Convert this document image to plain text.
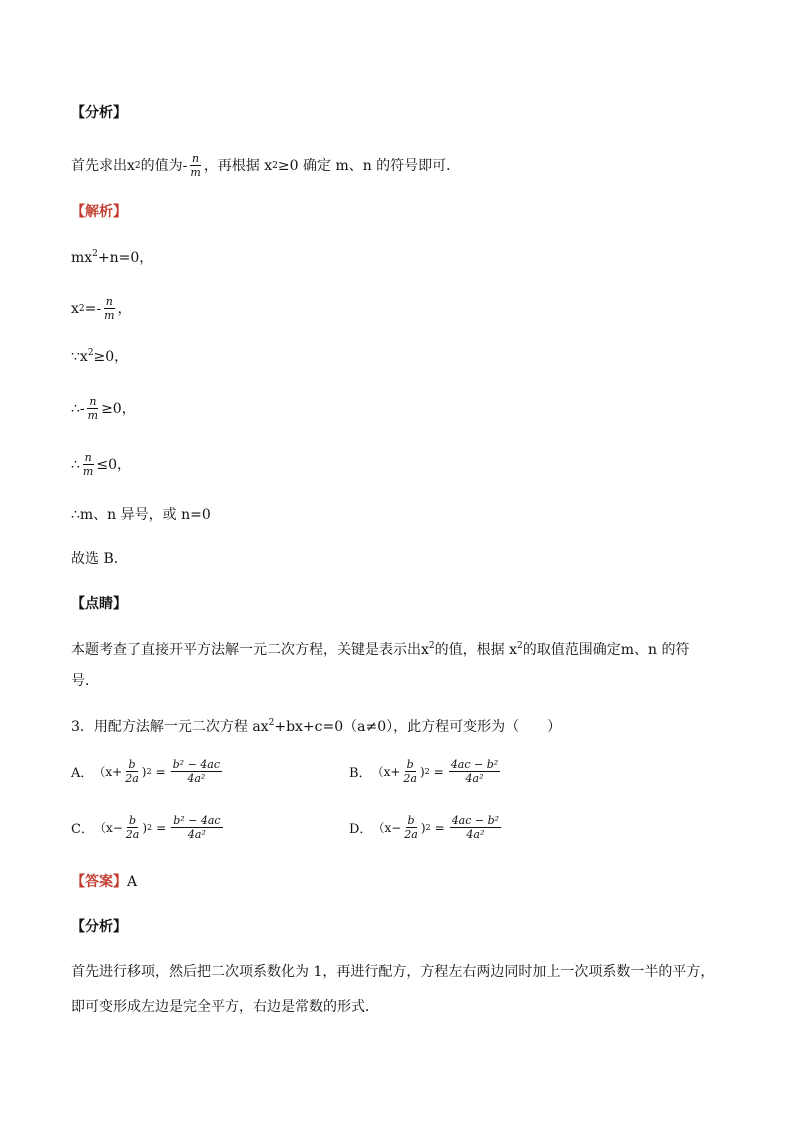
【分析】
首先求出x 2 的值为- $\frac{n}{m}$ ，再根据 x 2 ≥0 确定 m、n 的符号即可．
【解析】
$mx^2+n=0$，
x $2 =- \frac{n}{m}$ ，
$\because x^2\ge 0$，
∴- $\frac{n}{m} \ge 0$，
∴ $\frac{n}{m} \le 0$，
∴m、n 异号，或 n=0
故选 B．
【点睛】
本题考查了直接开平方法解一元二次方程，关键是表示出$x^2$的值，根据 $x^2$的取值范围确定m、n 的符
号．
3．用配方法解一元二次方程 $ax^2+bx+c=0(a\ne 0)$，此方程可变形为（　　）
A． （$x + \frac{b}{2a}$ ) $2 = \frac{\text{b² − 4ac}}{\text{4a²}}$	B． （$x + \frac{b}{2a}$ ) $2 = \frac{\text{4ac − b²}}{\text{4a²}}$
C． （$x - \frac{b}{2a}$ ) $2 = \frac{\text{b² − 4ac}}{\text{4a²}}$	D． （$x - \frac{b}{2a}$ ) $2 = \frac{\text{4ac − b²}}{\text{4a²}}$
【答案】A
【分析】
首先进行移项，然后把二次项系数化为 1，再进行配方，方程左右两边同时加上一次项系数一半的平方，
即可变形成左边是完全平方，右边是常数的形式．
